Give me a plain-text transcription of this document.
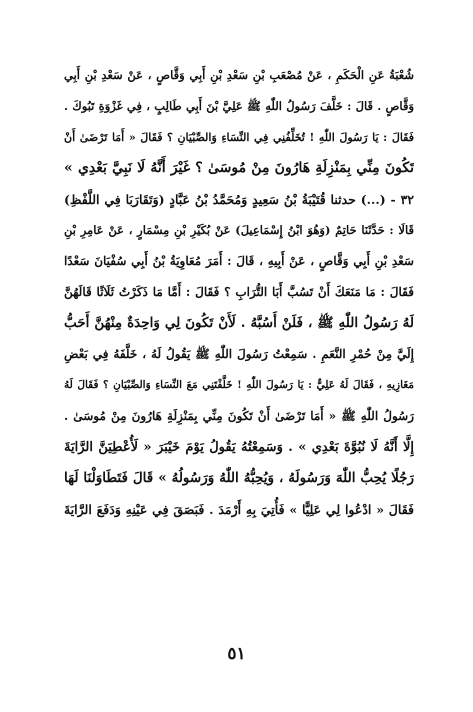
شُعْبَةُ عَنِ الْحَكَمِ ، عَنْ مُصْعَبِ بْنِ سَعْدِ بْنِ أَبِي وَقَّاصٍ ، عَنْ سَعْدِ بْنِ أَبِي
وَقَّاصٍ . قَالَ : خَلَّفَ رَسُولُ اللّٰهِ ﷺ عَلِيَّ بْنَ أَبِي طَالِبٍ ، فِي غَزْوَةِ تَبُوكَ .
فَقَالَ : يَا رَسُولَ اللّٰهِ ! تُخَلِّفُنِي فِي النِّسَاءِ وَالصِّبْيَانِ ؟ فَقَالَ « أَمَا تَرْضَىٰ أَنْ
تَكُونَ مِنِّي بِمَنْزِلَةِ هَارُونَ مِنْ مُوسَىٰ ؟ غَيْرَ أَنَّهُ لَا نَبِيَّ بَعْدِي »
٣٢ - (...) حدثنا قُتَيْبَةُ بْنُ سَعِيدٍ وَمُحَمَّدُ بْنُ عَبَّادٍ (وَتَقَارَبَا فِي اللَّفْظِ)
قَالَا : حَدَّثَنَا حَاتِمٌ (وَهُوَ ابْنُ إِسْمَاعِيلَ) عَنْ بُكَيْرِ بْنِ مِسْمَارٍ ، عَنْ عَامِرِ بْنِ
سَعْدِ بْنِ أَبِي وَقَّاصٍ ، عَنْ أَبِيهِ ، قَالَ : أَمَرَ مُعَاوِيَةُ بْنُ أَبِي سُفْيَانَ سَعْدًا
فَقَالَ : مَا مَنَعَكَ أَنْ تَسُبَّ أَبَا التُّرَابِ ؟ فَقَالَ : أَمَّا مَا ذَكَرْتُ ثَلَاثًا قَالَهُنَّ
لَهُ رَسُولُ اللّٰهِ ﷺ ، فَلَنْ أَسُبَّهُ . لَأَنْ تَكُونَ لِي وَاحِدَةٌ مِنْهُنَّ أَحَبُّ
إِلَيَّ مِنْ حُمْرِ النَّعَمِ . سَمِعْتُ رَسُولَ اللّٰهِ ﷺ يَقُولُ لَهُ ، خَلَّفَهُ فِي بَعْضِ
مَغَازِيهِ ، فَقَالَ لَهُ عَلِيٌّ : يَا رَسُولَ اللّٰهِ ! خَلَّفْتَنِي مَعَ النِّسَاءِ وَالصِّبْيَانِ ؟ فَقَالَ لَهُ
رَسُولُ اللّٰهِ ﷺ « أَمَا تَرْضَىٰ أَنْ تَكُونَ مِنِّي بِمَنْزِلَةِ هَارُونَ مِنْ مُوسَىٰ .
إِلَّا أَنَّهُ لَا نُبُوَّةَ بَعْدِي » . وَسَمِعْتُهُ يَقُولُ يَوْمَ خَيْبَرَ « لَأُعْطِيَنَّ الرَّايَةَ
رَجُلًا يُحِبُّ اللّٰهَ وَرَسُولَهُ ، وَيُحِبُّهُ اللّٰهُ وَرَسُولُهُ » قَالَ فَتَطَاوَلْنَا لَهَا
فَقَالَ « ادْعُوا لِي عَلِيًّا » فَأُتِيَ بِهِ أَرْمَدَ . فَبَصَقَ فِي عَيْنِهِ وَدَفَعَ الرَّايَةَ
٥١
